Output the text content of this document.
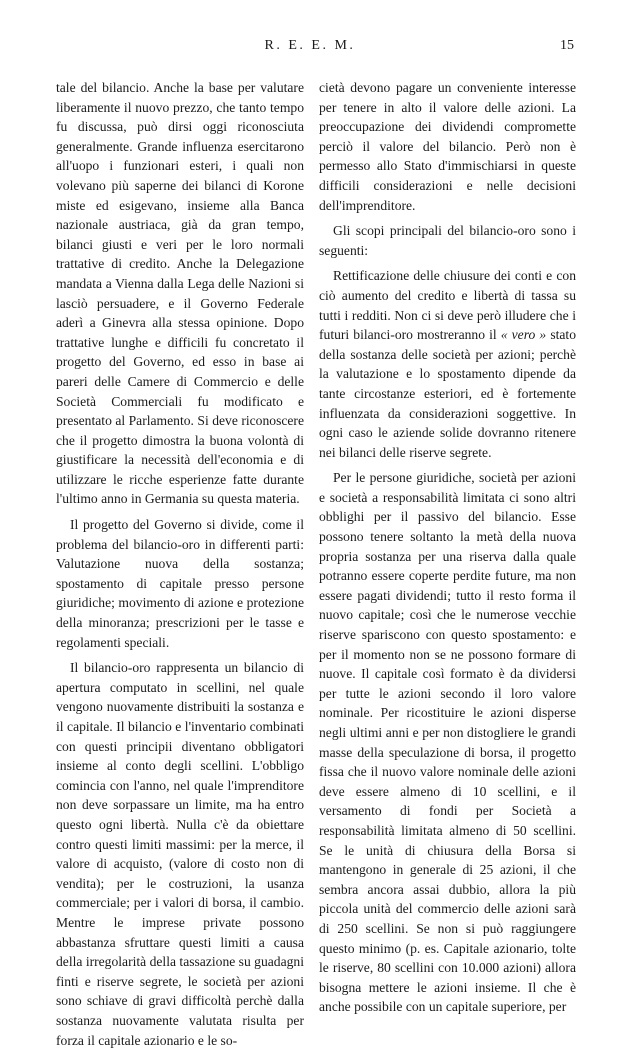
R. E. E. M.	15

tale del bilancio. Anche la base per valutare liberamente il nuovo prezzo, che tanto tempo fu discussa, può dirsi oggi riconosciuta generalmente. Grande influenza esercitarono all'uopo i funzionari esteri, i quali non volevano più saperne dei bilanci di Korone miste ed esigevano, insieme alla Banca nazionale austriaca, già da gran tempo, bilanci giusti e veri per le loro normali trattative di credito. Anche la Delegazione mandata a Vienna dalla Lega delle Nazioni si lasciò persuadere, e il Governo Federale aderì a Ginevra alla stessa opinione. Dopo trattative lunghe e difficili fu concretato il progetto del Governo, ed esso in base ai pareri delle Camere di Commercio e delle Società Commerciali fu modificato e presentato al Parlamento. Si deve riconoscere che il progetto dimostra la buona volontà di giustificare la necessità dell'economia e di utilizzare le ricche esperienze fatte durante l'ultimo anno in Germania su questa materia.

Il progetto del Governo si divide, come il problema del bilancio-oro in differenti parti: Valutazione nuova della sostanza; spostamento di capitale presso persone giuridiche; movimento di azione e protezione della minoranza; prescrizioni per le tasse e regolamenti speciali.

Il bilancio-oro rappresenta un bilancio di apertura computato in scellini, nel quale vengono nuovamente distribuiti la sostanza e il capitale. Il bilancio e l'inventario combinati con questi principii diventano obbligatori insieme al conto degli scellini. L'obbligo comincia con l'anno, nel quale l'imprenditore non deve sorpassare un limite, ma ha entro questo ogni libertà. Nulla c'è da obiettare contro questi limiti massimi: per la merce, il valore di acquisto, (valore di costo non di vendita); per le costruzioni, la usanza commerciale; per i valori di borsa, il cambio. Mentre le imprese private possono abbastanza sfruttare questi limiti a causa della irregolarità della tassazione su guadagni finti e riserve segrete, le società per azioni sono schiave di gravi difficoltà perchè dalla sostanza nuovamente valutata risulta per forza il capitale azionario e le so-

cietà devono pagare un conveniente interesse per tenere in alto il valore delle azioni. La preoccupazione dei dividendi compromette perciò il valore del bilancio. Però non è permesso allo Stato d'immischiarsi in queste difficili considerazioni e nelle decisioni dell'imprenditore.

Gli scopi principali del bilancio-oro sono i seguenti:

Rettificazione delle chiusure dei conti e con ciò aumento del credito e libertà di tassa su tutti i redditi. Non ci si deve però illudere che i futuri bilanci-oro mostreranno il « vero » stato della sostanza delle società per azioni; perchè la valutazione e lo spostamento dipende da tante circostanze esteriori, ed è fortemente influenzata da considerazioni soggettive. In ogni caso le aziende solide dovranno ritenere nei bilanci delle riserve segrete.

Per le persone giuridiche, società per azioni e società a responsabilità limitata ci sono altri obblighi per il passivo del bilancio. Esse possono tenere soltanto la metà della nuova propria sostanza per una riserva dalla quale potranno essere coperte perdite future, ma non essere pagati dividendi; tutto il resto forma il nuovo capitale; così che le numerose vecchie riserve spariscono con questo spostamento: e per il momento non se ne possono formare di nuove. Il capitale così formato è da dividersi per tutte le azioni secondo il loro valore nominale. Per ricostituire le azioni disperse negli ultimi anni e per non distogliere le grandi masse della speculazione di borsa, il progetto fissa che il nuovo valore nominale delle azioni deve essere almeno di 10 scellini, e il versamento di fondi per Società a responsabilità limitata almeno di 50 scellini. Se le unità di chiusura della Borsa si mantengono in generale di 25 azioni, il che sembra ancora assai dubbio, allora la più piccola unità del commercio delle azioni sarà di 250 scellini. Se non si può raggiungere questo minimo (p. es. Capitale azionario, tolte le riserve, 80 scellini con 10.000 azioni) allora bisogna mettere le azioni insieme. Il che è anche possibile con un capitale superiore, per
